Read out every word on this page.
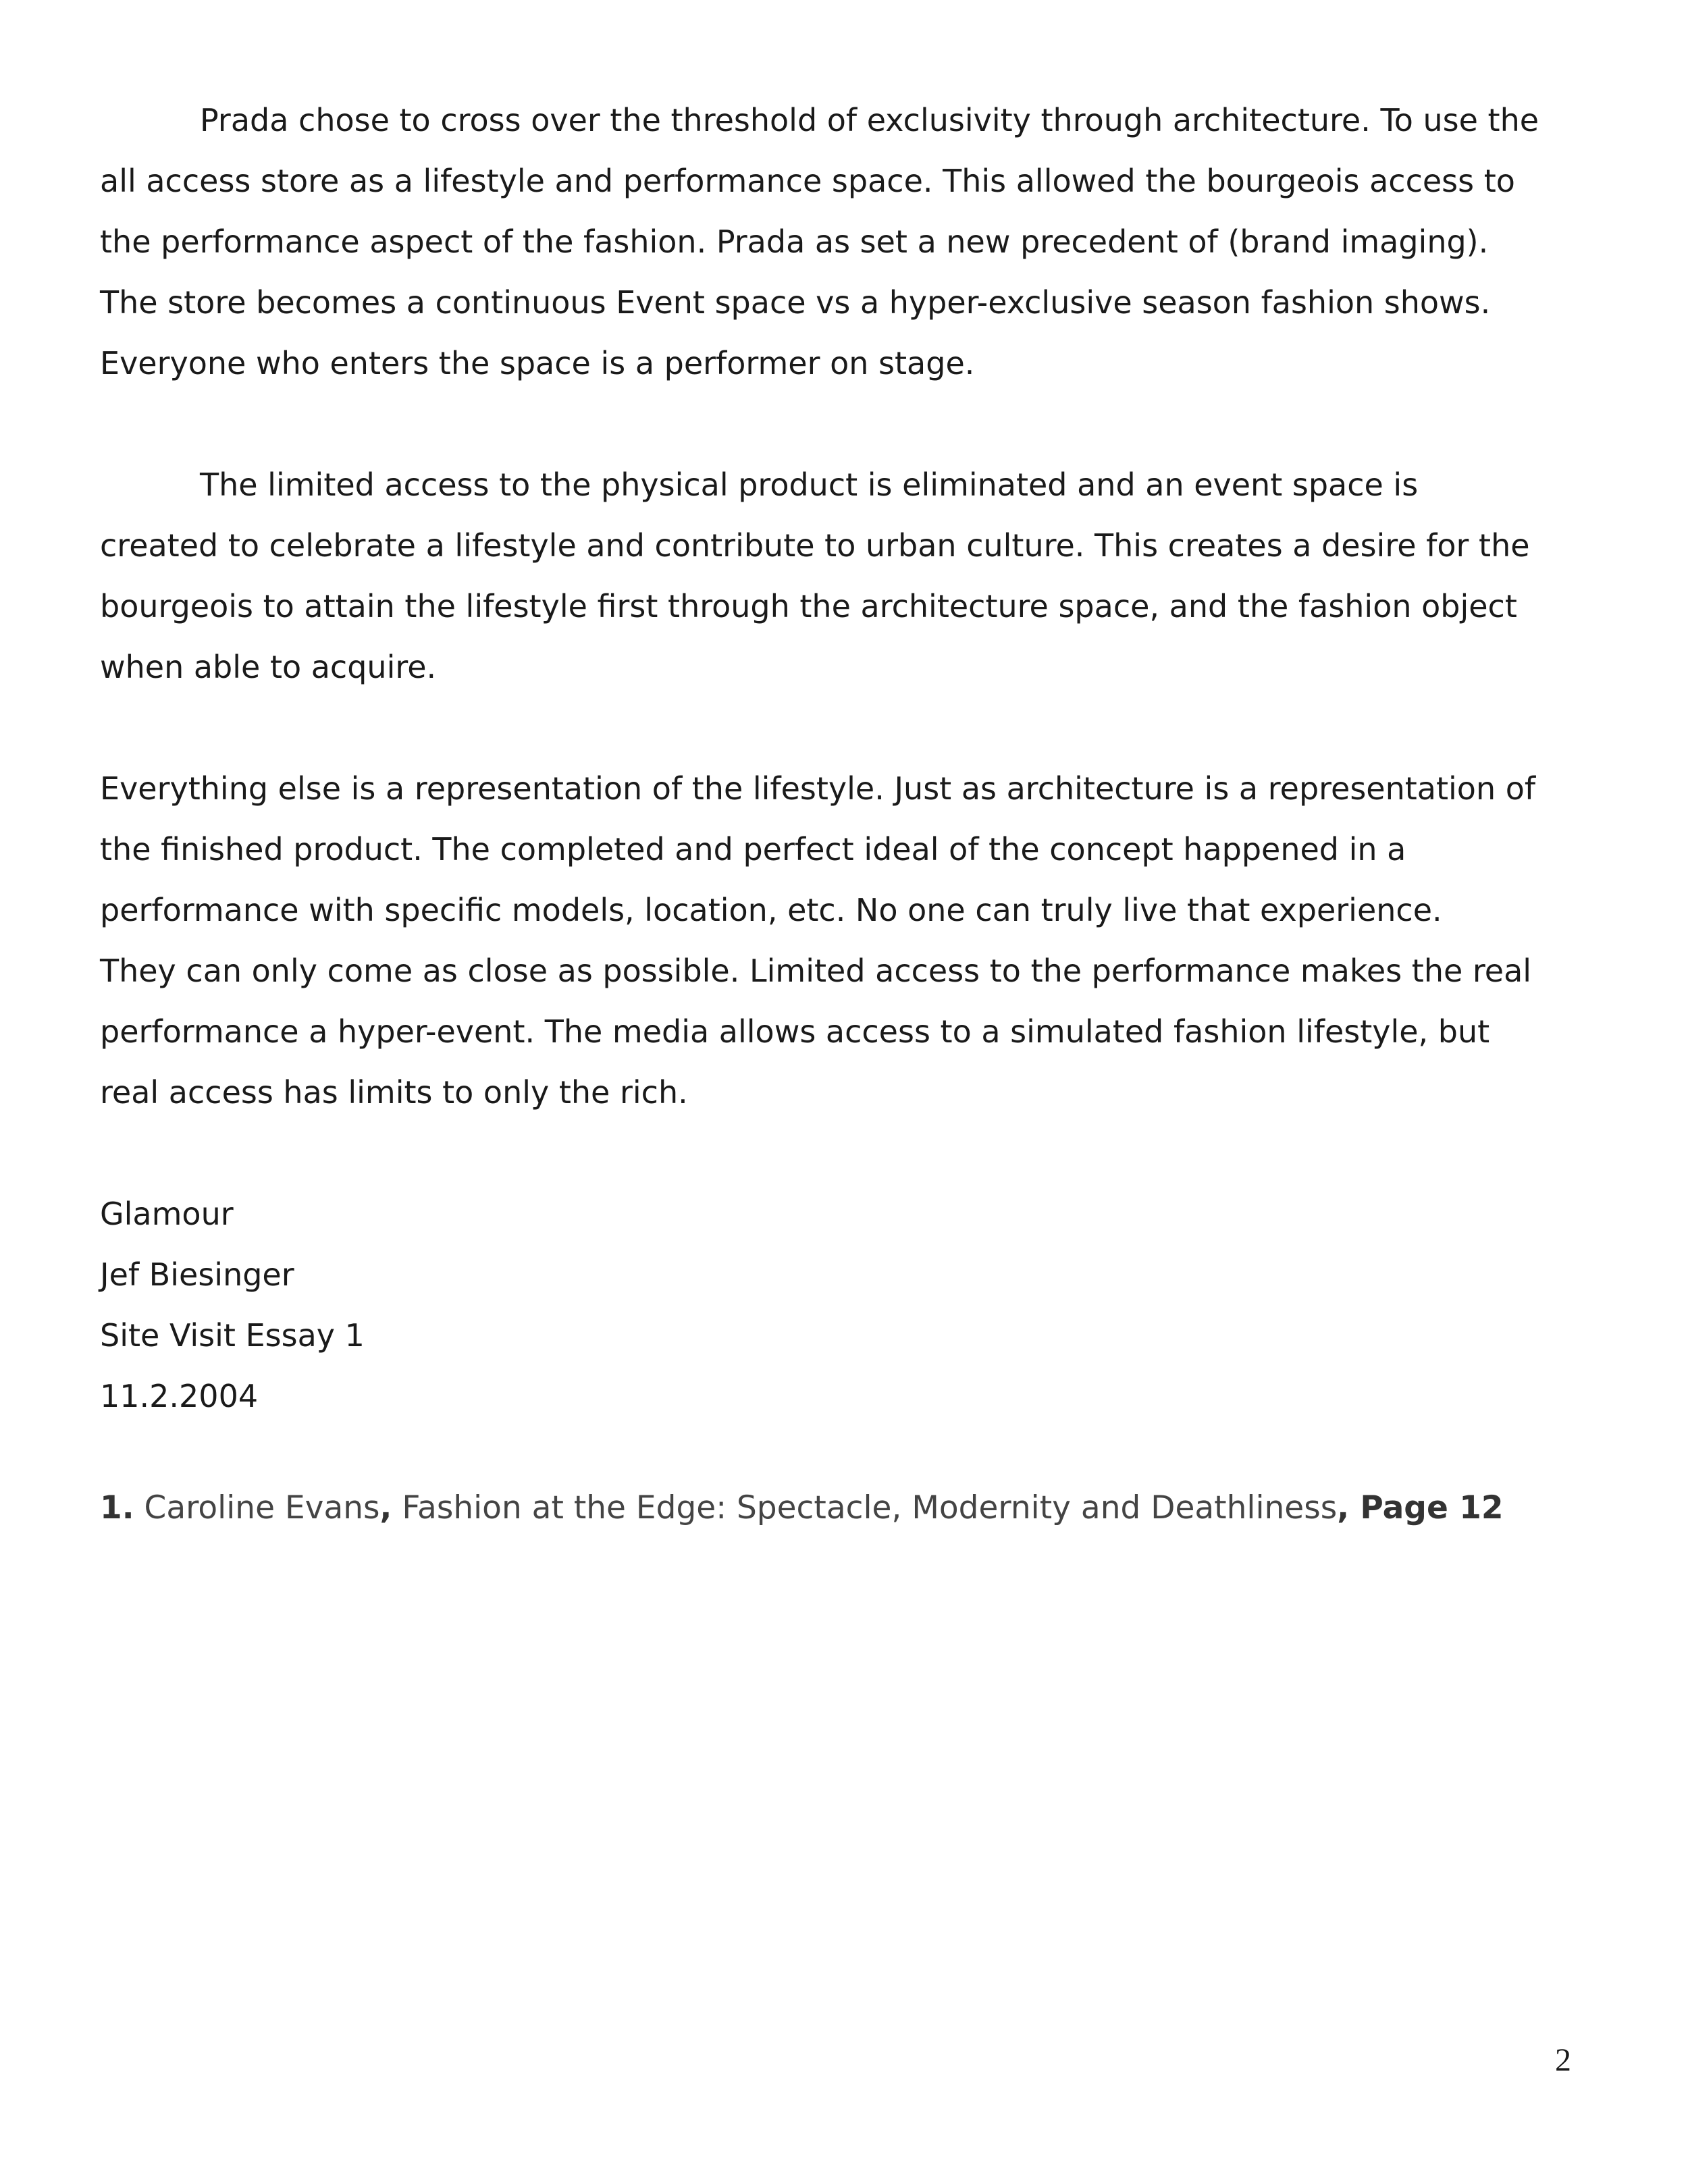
Prada chose to cross over the threshold of exclusivity through architecture. To use the
all access store as a lifestyle and performance space. This allowed the bourgeois access to
the performance aspect of the fashion. Prada as set a new precedent of (brand imaging).
The store becomes a continuous Event space vs a hyper-exclusive season fashion shows.
Everyone who enters the space is a performer on stage.
The limited access to the physical product is eliminated and an event space is
created to celebrate a lifestyle and contribute to urban culture. This creates a desire for the
bourgeois to attain the lifestyle first through the architecture space, and the fashion object
when able to acquire.
Everything else is a representation of the lifestyle. Just as architecture is a representation of
the finished product. The completed and perfect ideal of the concept happened in a
performance with specific models, location, etc. No one can truly live that experience.
They can only come as close as possible. Limited access to the performance makes the real
performance a hyper-event. The media allows access to a simulated fashion lifestyle, but
real access has limits to only the rich.
Glamour
Jef Biesinger
Site Visit Essay 1
11.2.2004
1. Caroline Evans, Fashion at the Edge: Spectacle, Modernity and Deathliness, Page 12
2
